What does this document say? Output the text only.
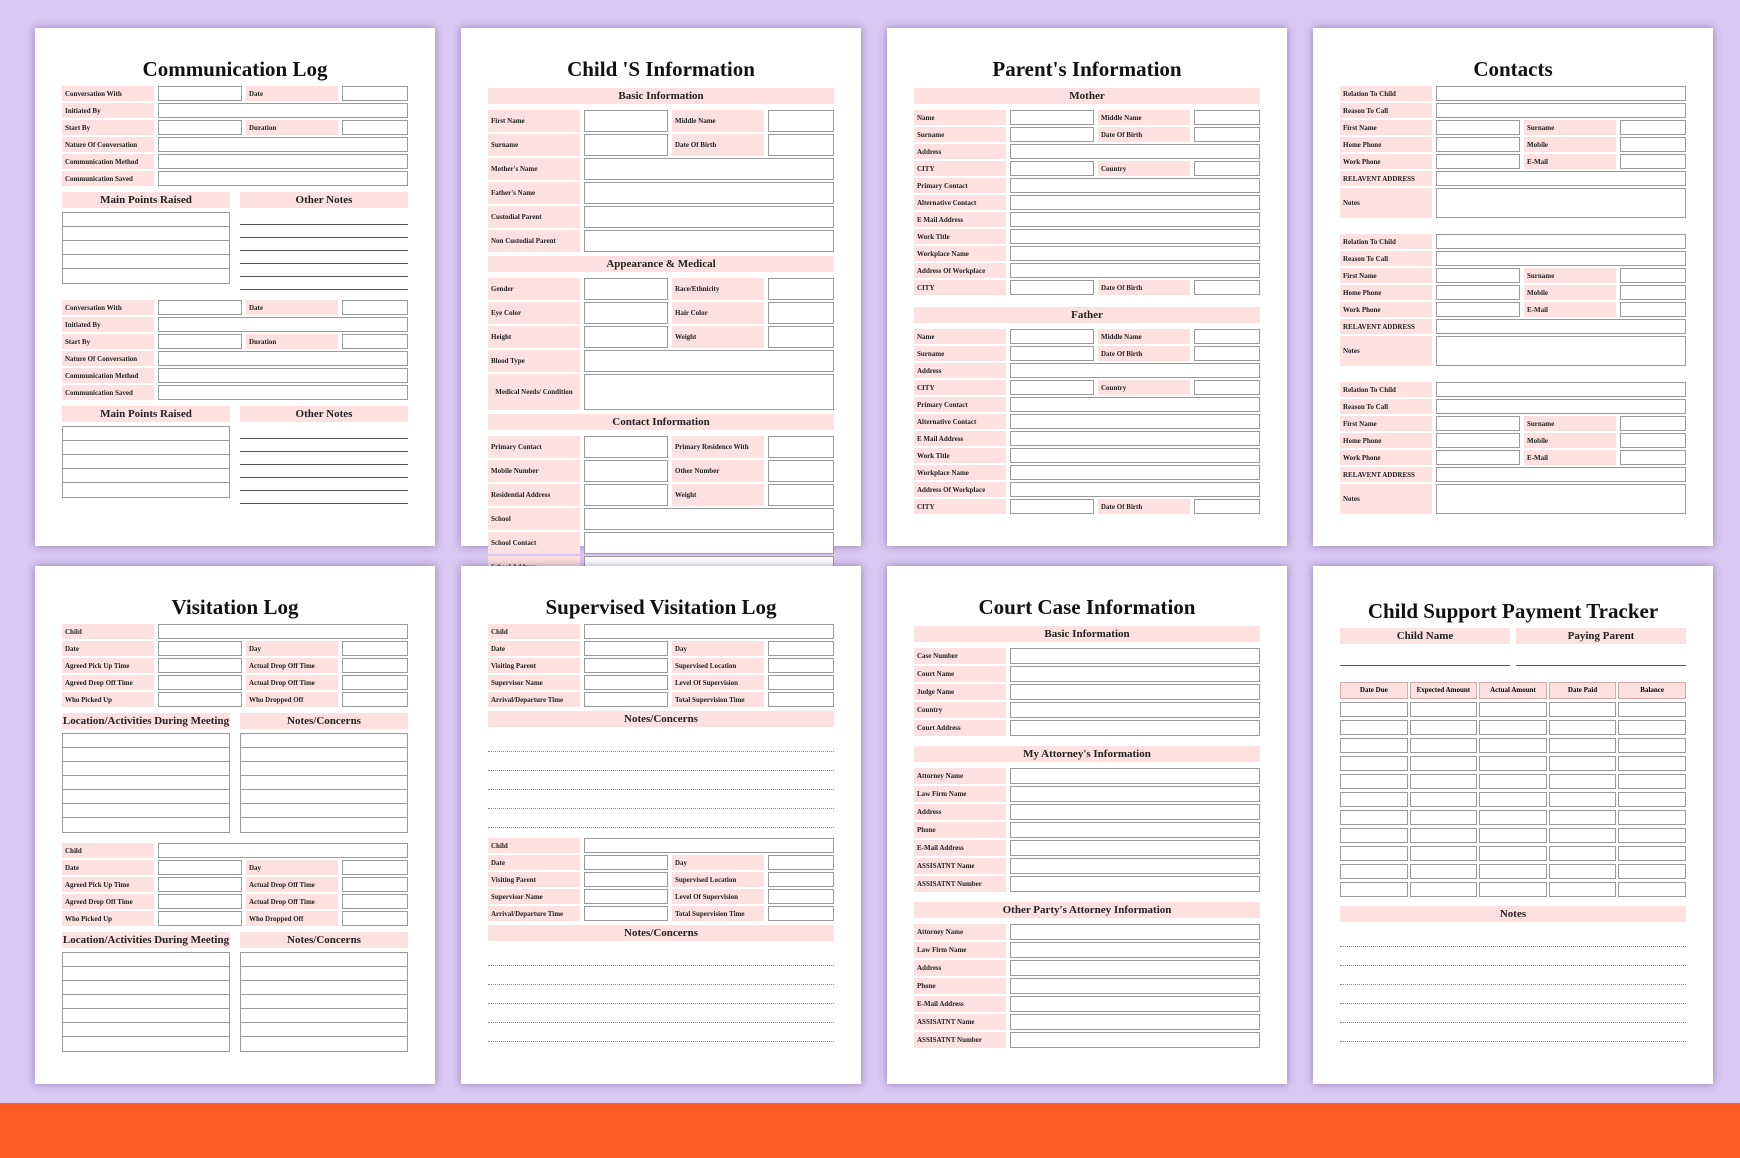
Communication Log
Conversation With	Date
Initiated By
Start By	Duration
Nature Of Conversation
Communication Method
Communication Saved
Main Points Raised	Other Notes
Conversation With	Date
Initiated By
Start By	Duration
Nature Of Conversation
Communication Method
Communication Saved
Main Points Raised	Other Notes
Child 'S Information
Basic Information
First Name	Middle Name
Surname	Date Of Birth
Mother's Name
Father's Name
Custodial Parent
Non Custodial Parent
Appearance & Medical
Gender	Race/Ethnicity
Eye Color	Hair Color
Height	Weight
Blood Type
Medical Needs/ Condition
Contact Information
Primary Contact	Primary Residence With
Mobile Number	Other Number
Residential Address	Weight
School
School Contact
Parent's Information
Mother
Name	Middle Name
Surname	Date Of Birth
Address
CITY	Country
Primary Contact
Alternative Contact
E Mail Address
Work Title
Workplace Name
Address Of Workplace
CITY	Date Of Birth
Father
Name	Middle Name
Surname	Date Of Birth
Address
CITY	Country
Primary Contact
Alternative Contact
E Mail Address
Work Title
Workplace Name
Address Of Workplace
CITY	Date Of Birth
Contacts
Relation To Child
Reason To Call
First Name	Surname
Home Phone	Mobile
Work Phone	E-Mail
RELAVENT ADDRESS
Notes
Relation To Child
Reason To Call
First Name	Surname
Home Phone	Mobile
Work Phone	E-Mail
RELAVENT ADDRESS
Notes
Relation To Child
Reason To Call
First Name	Surname
Home Phone	Mobile
Work Phone	E-Mail
RELAVENT ADDRESS
Notes
Visitation Log
Child
Date	Day
Agreed Pick Up Time	Actual Drop Off Time
Agreed Drop Off Time	Actual Drop Off Time
Who Picked Up	Who Dropped Off
Location/Activities During Meeting	Notes/Concerns
Child
Date	Day
Agreed Pick Up Time	Actual Drop Off Time
Agreed Drop Off Time	Actual Drop Off Time
Who Picked Up	Who Dropped Off
Location/Activities During Meeting	Notes/Concerns
Supervised Visitation Log
Child
Date	Day
Visiting Parent	Supervised Location
Supervisor Name	Level Of Supervision
Arrival/Departure Time	Total Supervision Time
Notes/Concerns
Child
Date	Day
Visiting Parent	Supervised Location
Supervisor Name	Level Of Supervision
Arrival/Departure Time	Total Supervision Time
Notes/Concerns
Court Case Information
Basic Information
Case Number
Court Name
Judge Name
Country
Court Address
My Attorney's Information
Attorney Name
Law Firm Name
Address
Phone
E-Mail Address
ASSISATNT Name
ASSISATNT Number
Other Party's Attorney Information
Attorney Name
Law Firm Name
Address
Phone
E-Mail Address
ASSISATNT Name
ASSISATNT Number
Child Support Payment Tracker
Child Name	Paying Parent
Date Due	Expected Amount	Actual Amount	Date Paid	Balance
Notes
